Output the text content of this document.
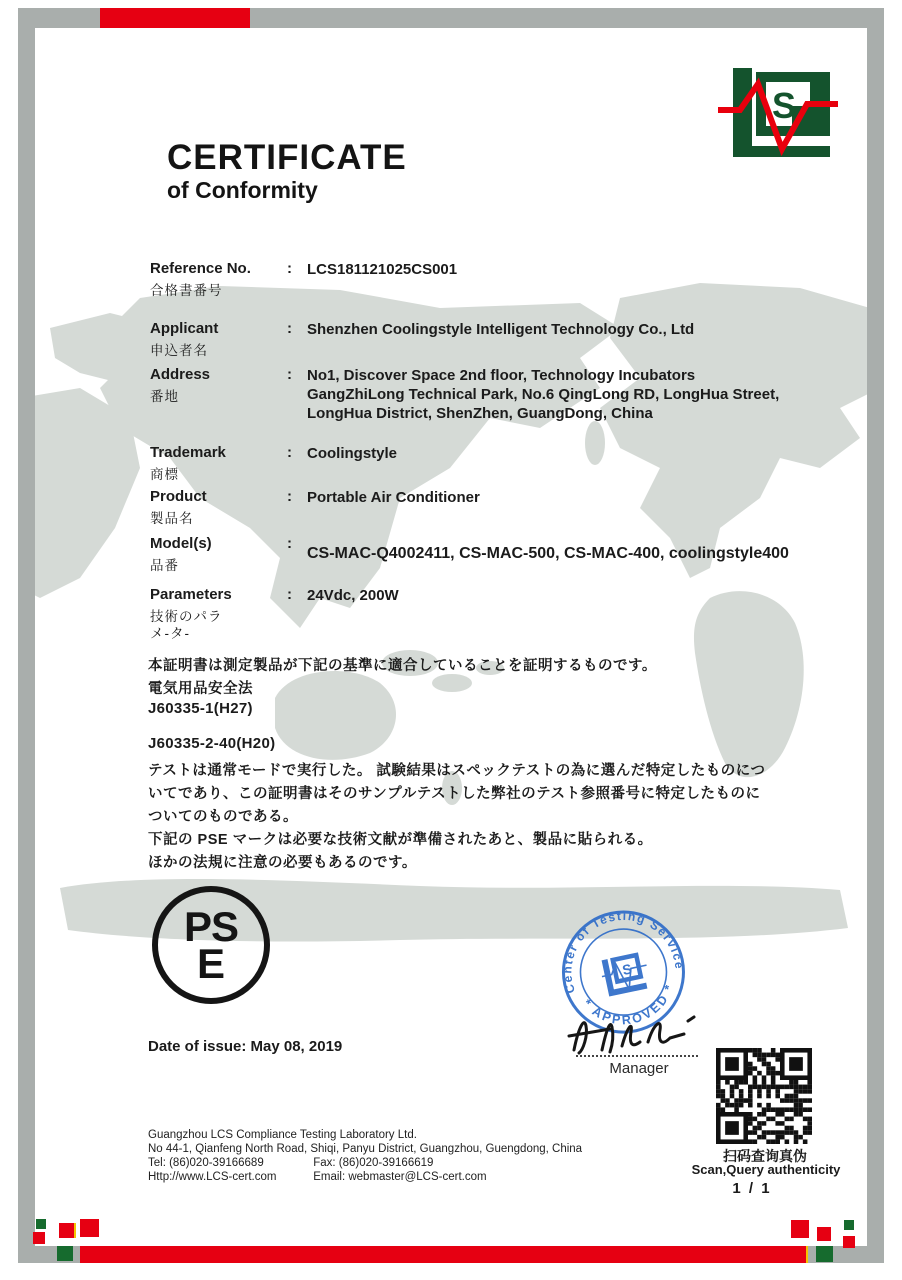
S
CERTIFICATE
of Conformity
Reference No.
合格書番号
: LCS181121025CS001
Applicant
申込者名
: Shenzhen Coolingstyle Intelligent Technology Co., Ltd
Address
番地
: No1, Discover Space 2nd floor, Technology Incubators
GangZhiLong Technical Park, No.6 QingLong RD, LongHua Street,
LongHua District, ShenZhen, GuangDong, China
Trademark
商標
: Coolingstyle
Product
製品名
: Portable Air Conditioner
Model(s)
品番
:
CS-MAC-Q4002411, CS-MAC-500, CS-MAC-400, coolingstyle400
Parameters
技術のパラメ-タ-
: 24Vdc, 200W
本証明書は測定製品が下記の基準に適合していることを証明するものです。
電気用品安全法
J60335-1(H27)
J60335-2-40(H20)
テストは通常モードで実行した。 試験結果はスペックテストの為に選んだ特定したものにつ
いてであり、この証明書はそのサンプルテストした弊社のテスト参照番号に特定したものに
ついてのものである。
下記の PSE マークは必要な技術文献が準備されたあと、製品に貼られる。
ほかの法規に注意の必要もあるのです。
PS
E
Date of issue: May 08, 2019
Center of Testing Service
* APPROVED *
S
Manager
扫码查询真伪
Scan,Query authenticity
1 / 1
Guangzhou LCS Compliance Testing Laboratory Ltd.
No 44-1, Qianfeng North Road, Shiqi, Panyu District, Guangzhou, Guengdong, China
Tel: (86)020-39166689	Fax: (86)020-39166619
Http://www.LCS-cert.com	Email: webmaster@LCS-cert.com
